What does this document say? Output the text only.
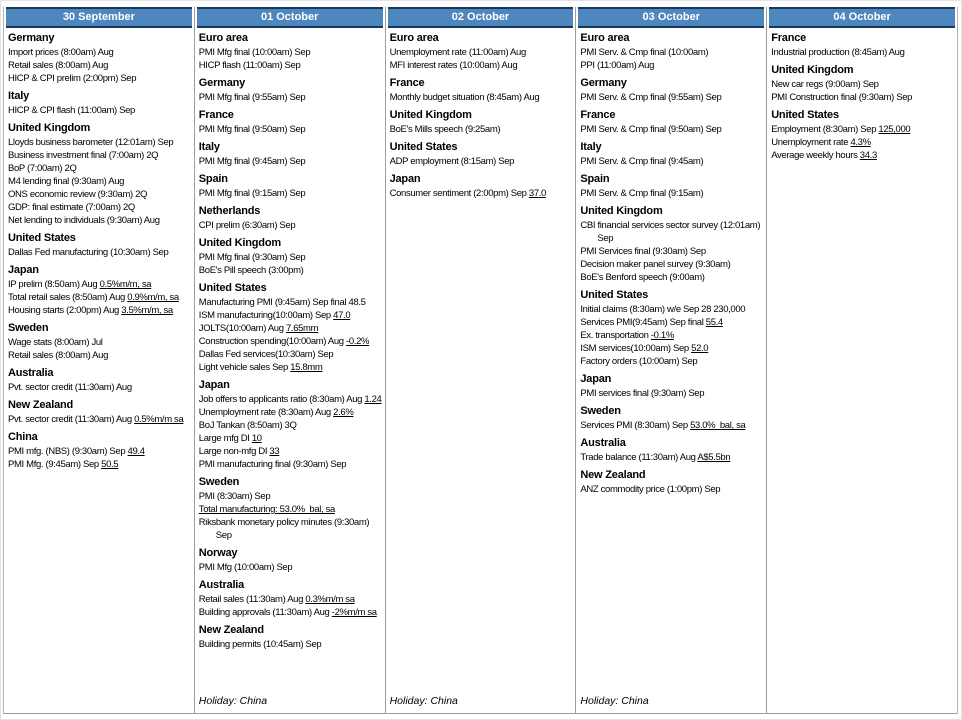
30 September
Germany
Import prices (8:00am) Aug
Retail sales (8:00am) Aug
HICP & CPI prelim (2:00pm) Sep
Italy
HICP & CPI flash (11:00am) Sep
United Kingdom
Lloyds business barometer (12:01am) Sep
Business investment final (7:00am) 2Q
BoP (7:00am) 2Q
M4 lending final (9:30am) Aug
ONS economic review (9:30am) 2Q
GDP: final estimate (7:00am) 2Q
Net lending to individuals (9:30am) Aug
United States
Dallas Fed manufacturing (10:30am) Sep
Japan
IP prelim (8:50am) Aug 0.5%m/m, sa
Total retail sales (8:50am) Aug 0.9%m/m, sa
Housing starts (2:00pm) Aug 3.5%m/m, sa
Sweden
Wage stats (8:00am) Jul
Retail sales (8:00am) Aug
Australia
Pvt. sector credit (11:30am) Aug
New Zealand
Pvt. sector credit (11:30am) Aug 0.5%m/m sa
China
PMI mfg. (NBS) (9:30am) Sep 49.4
PMI Mfg. (9:45am) Sep 50.5
01 October
Euro area
PMI Mfg final (10:00am) Sep
HICP flash (11:00am) Sep
Germany
PMI Mfg final (9:55am) Sep
France
PMI Mfg final (9:50am) Sep
Italy
PMI Mfg final (9:45am) Sep
Spain
PMI Mfg final (9:15am) Sep
Netherlands
CPI prelim (6:30am) Sep
United Kingdom
PMI Mfg final (9:30am) Sep
BoE's Pill speech (3:00pm)
United States
Manufacturing PMI (9:45am) Sep final 48.5
ISM manufacturing(10:00am) Sep 47.0
JOLTS(10:00am) Aug 7.65mm
Construction spending(10:00am) Aug -0.2%
Dallas Fed services(10:30am) Sep
Light vehicle sales Sep 15.8mm
Japan
Job offers to applicants ratio (8:30am) Aug 1.24
Unemployment rate (8:30am) Aug 2.6%
BoJ Tankan (8:50am) 3Q
Large mfg DI 10
Large non-mfg DI 33
PMI manufacturing final (9:30am) Sep
Sweden
PMI (8:30am) Sep
Total manufacturing: 53.0%  bal, sa
Riksbank monetary policy minutes (9:30am) Sep
Norway
PMI Mfg (10:00am) Sep
Australia
Retail sales (11:30am) Aug 0.3%m/m sa
Building approvals (11:30am) Aug -2%m/m sa
New Zealand
Building permits (10:45am) Sep
Holiday: China
02 October
Euro area
Unemployment rate (11:00am) Aug
MFI interest rates (10:00am) Aug
France
Monthly budget situation (8:45am) Aug
United Kingdom
BoE's Mills speech (9:25am)
United States
ADP employment (8:15am) Sep
Japan
Consumer sentiment (2:00pm) Sep 37.0
Holiday: China
03 October
Euro area
PMI Serv. & Cmp final (10:00am)
PPI (11:00am) Aug
Germany
PMI Serv. & Cmp final (9:55am) Sep
France
PMI Serv. & Cmp final (9:50am) Sep
Italy
PMI Serv. & Cmp final (9:45am)
Spain
PMI Serv. & Cmp final (9:15am)
United Kingdom
CBI financial services sector survey (12:01am) Sep
PMI Services final (9:30am) Sep
Decision maker panel survey (9:30am)
BoE's Benford speech (9:00am)
United States
Initial claims (8:30am) w/e Sep 28 230,000
Services PMI(9:45am) Sep final 55.4
Ex. transportation -0.1%
ISM services(10:00am) Sep 52.0
Factory orders (10:00am) Sep
Japan
PMI services final (9:30am) Sep
Sweden
Services PMI (8:30am) Sep 53.0%  bal, sa
Australia
Trade balance (11:30am) Aug A$5.5bn
New Zealand
ANZ commodity price (1:00pm) Sep
Holiday: China
04 October
France
Industrial production (8:45am) Aug
United Kingdom
New car regs (9:00am) Sep
PMI Construction final (9:30am) Sep
United States
Employment (8:30am) Sep 125,000
Unemployment rate 4.3%
Average weekly hours 34.3
